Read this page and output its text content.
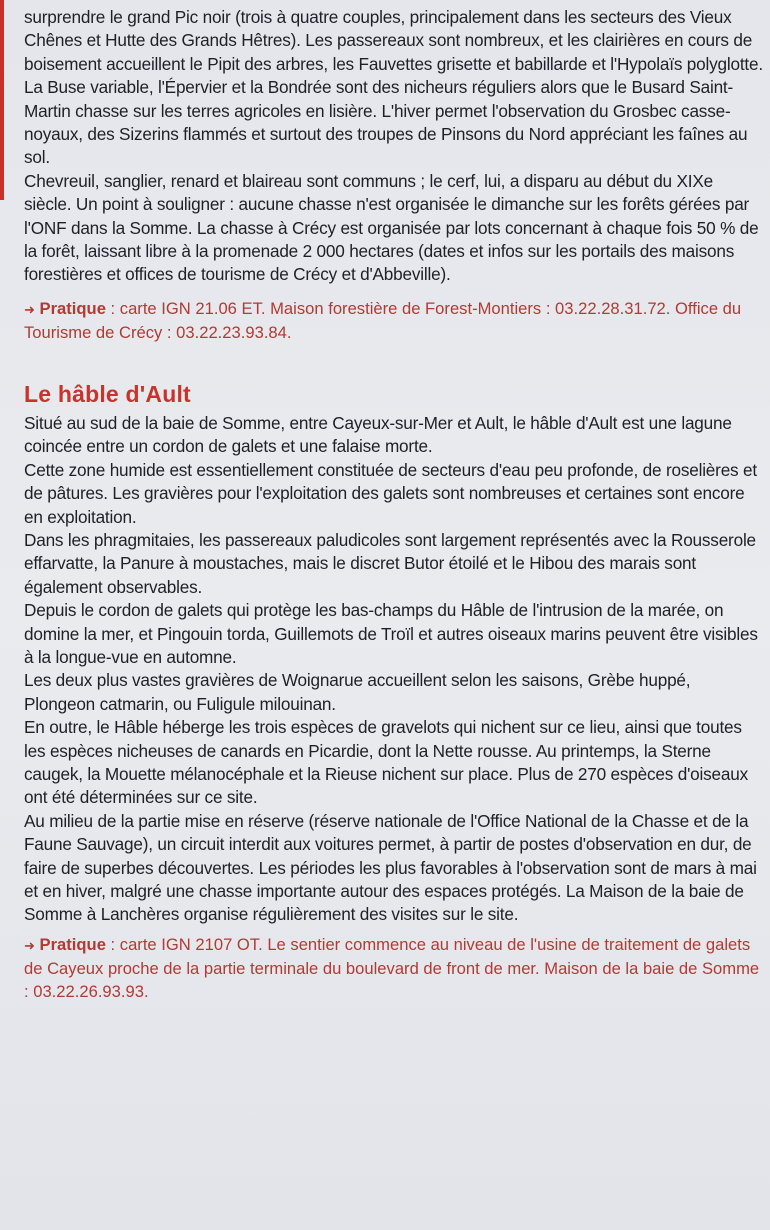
surprendre le grand Pic noir (trois à quatre couples, principalement dans les secteurs des Vieux Chênes et Hutte des Grands Hêtres). Les passereaux sont nombreux, et les clairières en cours de boisement accueillent le Pipit des arbres, les Fauvettes grisette et babillarde et l'Hypolaïs polyglotte. La Buse variable, l'Épervier et la Bondrée sont des nicheurs réguliers alors que le Busard Saint-Martin chasse sur les terres agricoles en lisière. L'hiver permet l'observation du Grosbec casse-noyaux, des Sizerins flammés et surtout des troupes de Pinsons du Nord appréciant les faînes au sol.

Chevreuil, sanglier, renard et blaireau sont communs ; le cerf, lui, a disparu au début du XIXe siècle. Un point à souligner : aucune chasse n'est organisée le dimanche sur les forêts gérées par l'ONF dans la Somme. La chasse à Crécy est organisée par lots concernant à chaque fois 50 % de la forêt, laissant libre à la promenade 2 000 hectares (dates et infos sur les portails des maisons forestières et offices de tourisme de Crécy et d'Abbeville).

➜ Pratique : carte IGN 21.06 ET. Maison forestière de Forest-Montiers : 03.22.28.31.72. Office du Tourisme de Crécy : 03.22.23.93.84.

Le hâble d'Ault

Situé au sud de la baie de Somme, entre Cayeux-sur-Mer et Ault, le hâble d'Ault est une lagune coincée entre un cordon de galets et une falaise morte.

Cette zone humide est essentiellement constituée de secteurs d'eau peu profonde, de roselières et de pâtures. Les gravières pour l'exploitation des galets sont nombreuses et certaines sont encore en exploitation.

Dans les phragmitaies, les passereaux paludicoles sont largement représentés avec la Rousserole effarvatte, la Panure à moustaches, mais le discret Butor étoilé et le Hibou des marais sont également observables.

Depuis le cordon de galets qui protège les bas-champs du Hâble de l'intrusion de la marée, on domine la mer, et Pingouin torda, Guillemots de Troïl et autres oiseaux marins peuvent être visibles à la longue-vue en automne.

Les deux plus vastes gravières de Woignarue accueillent selon les saisons, Grèbe huppé, Plongeon catmarin, ou Fuligule milouinan.

En outre, le Hâble héberge les trois espèces de gravelots qui nichent sur ce lieu, ainsi que toutes les espèces nicheuses de canards en Picardie, dont la Nette rousse. Au printemps, la Sterne caugek, la Mouette mélanocéphale et la Rieuse nichent sur place. Plus de 270 espèces d'oiseaux ont été déterminées sur ce site.

Au milieu de la partie mise en réserve (réserve nationale de l'Office National de la Chasse et de la Faune Sauvage), un circuit interdit aux voitures permet, à partir de postes d'observation en dur, de faire de superbes découvertes. Les périodes les plus favorables à l'observation sont de mars à mai et en hiver, malgré une chasse importante autour des espaces protégés. La Maison de la baie de Somme à Lanchères organise régulièrement des visites sur le site.

➜ Pratique : carte IGN 2107 OT. Le sentier commence au niveau de l'usine de traitement de galets de Cayeux proche de la partie terminale du boulevard de front de mer. Maison de la baie de Somme : 03.22.26.93.93.
